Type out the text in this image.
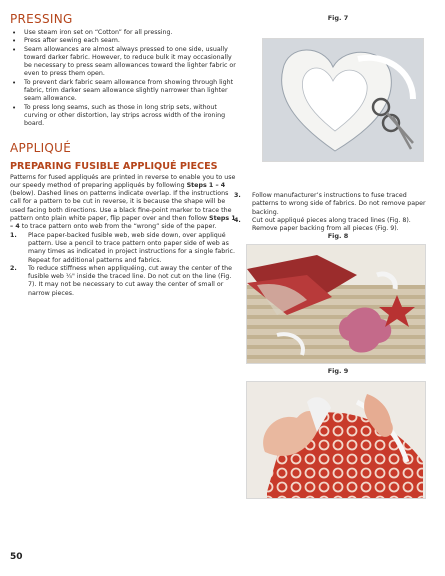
PRESSING
• Use steam iron set on “Cotton” for all pressing.
• Press after sewing each seam.
• Seam allowances are almost always pressed to one side, usually toward darker fabric. However, to reduce bulk it may occasionally be necessary to press seam allowances toward the lighter fabric or even to press them open.
• To prevent dark fabric seam allowance from showing through light fabric, trim darker seam allowance slightly narrower than lighter seam allowance.
• To press long seams, such as those in long strip sets, without curving or other distortion, lay strips across width of the ironing board.
APPLIQUÉ
PREPARING FUSIBLE APPLIQUÉ PIECES

Patterns for fused appliqués are printed in reverse to enable you to use our speedy method of preparing appliqués by following Steps 1 – 4 (below). Dashed lines on patterns indicate overlap. If the instructions call for a pattern to be cut in reverse, it is because the shape will be used facing both directions. Use a black fine-point marker to trace the pattern onto plain white paper, flip paper over and then follow Steps 1 – 4 to trace pattern onto web from the “wrong” side of the paper.

1. Place paper-backed fusible web, web side down, over appliqué pattern. Use a pencil to trace pattern onto paper side of web as many times as indicated in project instructions for a single fabric. Repeat for additional patterns and fabrics.
2. To reduce stiffness when appliquéing, cut away the center of the fusible web ¼" inside the traced line. Do not cut on the line (Fig. 7). It may not be necessary to cut away the center of small or narrow pieces.
Fig. 7
3. Follow manufacturer’s instructions to fuse traced patterns to wrong side of fabrics. Do not remove paper backing.
4. Cut out appliqué pieces along traced lines (Fig. 8). Remove paper backing from all pieces (Fig. 9).
Fig. 8
Fig. 9
50
